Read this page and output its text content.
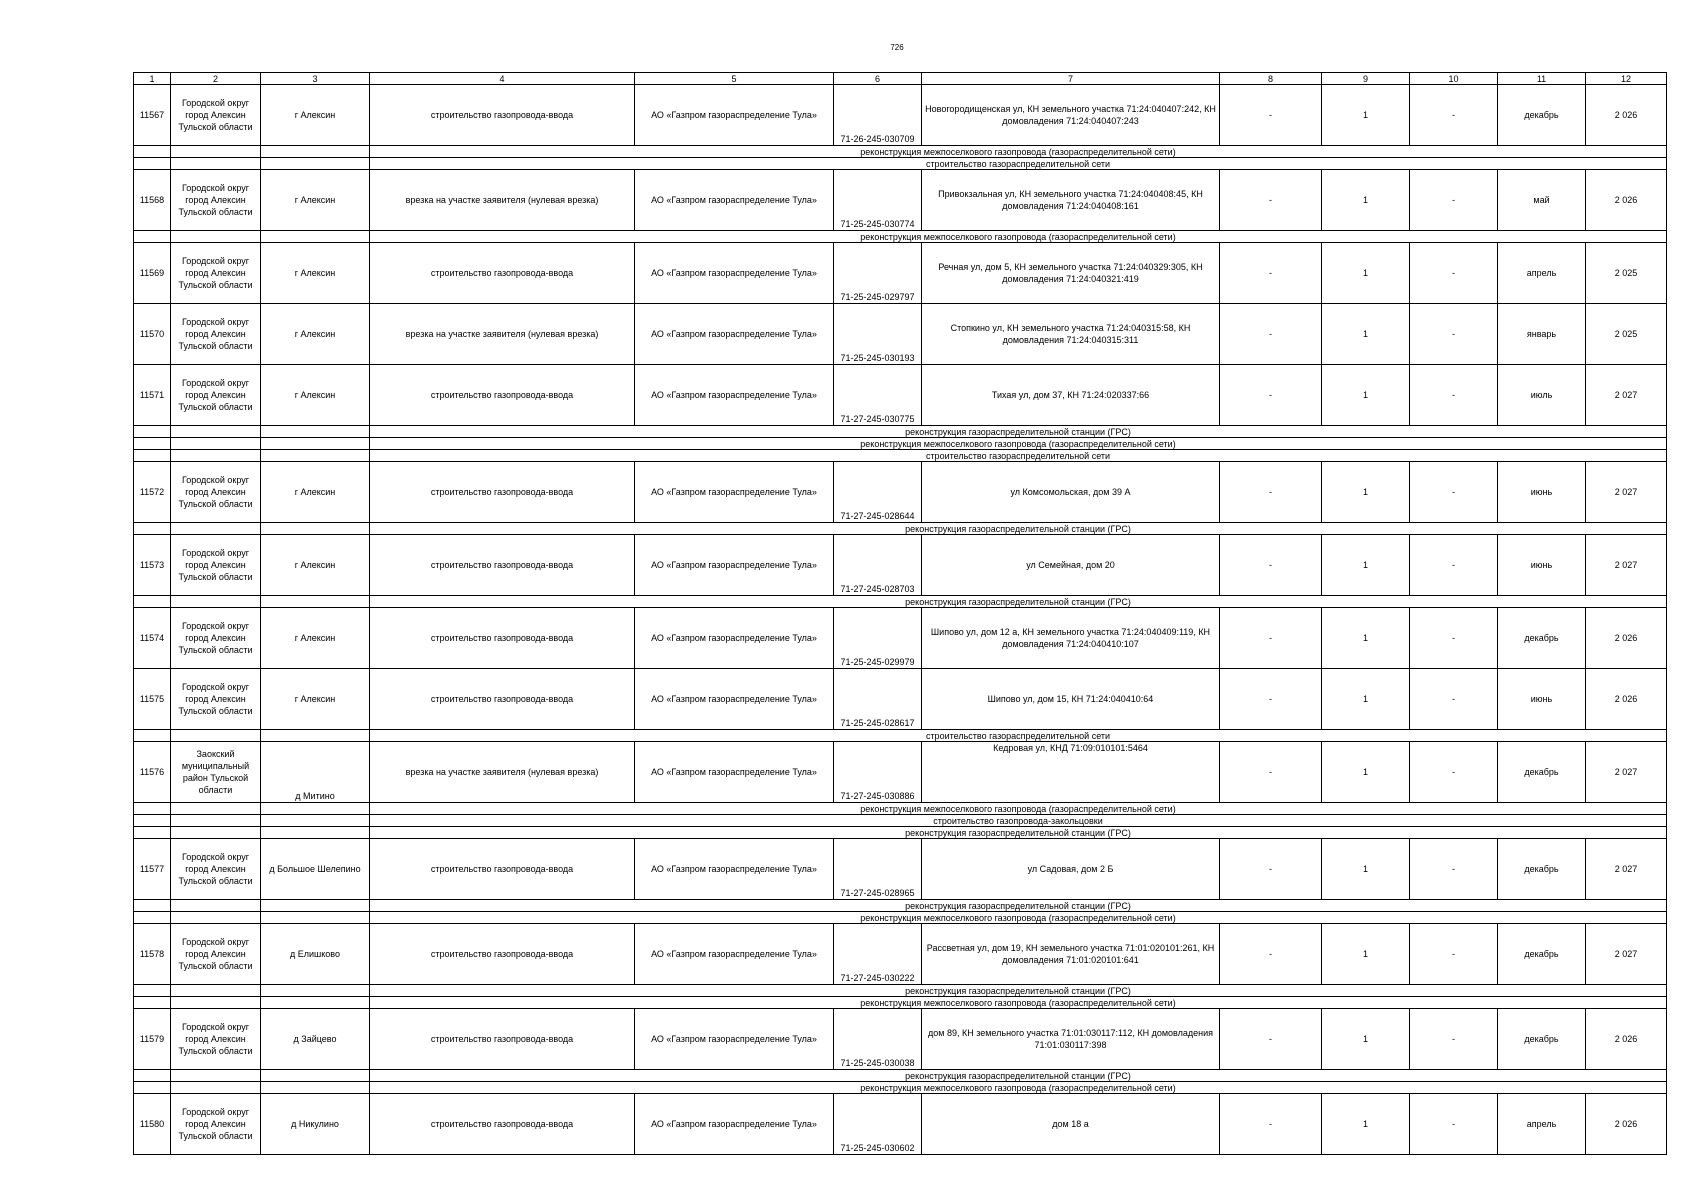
726
1	2	3	4	5	6	7	8	9	10	11	12
11567	Городской округ город Алексин Тульской области	г Алексин	строительство газопровода-ввода	АО «Газпром газораспределение Тула»	71-26-245-030709	Новогородищенская ул, КН земельного участка 71:24:040407:242, КН домовладения 71:24:040407:243	-	1	-	декабрь	2 026
			реконструкция межпоселкового газопровода (газораспределительной сети)								
			строительство газораспределительной сети								
11568	Городской округ город Алексин Тульской области	г Алексин	врезка на участке заявителя (нулевая врезка)	АО «Газпром газораспределение Тула»	71-25-245-030774	Привокзальная ул, КН земельного участка 71:24:040408:45, КН домовладения 71:24:040408:161	-	1	-	май	2 026
			реконструкция межпоселкового газопровода (газораспределительной сети)								
11569	Городской округ город Алексин Тульской области	г Алексин	строительство газопровода-ввода	АО «Газпром газораспределение Тула»	71-25-245-029797	Речная ул, дом 5, КН земельного участка 71:24:040329:305, КН домовладения 71:24:040321:419	-	1	-	апрель	2 025
11570	Городской округ город Алексин Тульской области	г Алексин	врезка на участке заявителя (нулевая врезка)	АО «Газпром газораспределение Тула»	71-25-245-030193	Стопкино ул, КН земельного участка 71:24:040315:58, КН домовладения 71:24:040315:311	-	1	-	январь	2 025
11571	Городской округ город Алексин Тульской области	г Алексин	строительство газопровода-ввода	АО «Газпром газораспределение Тула»	71-27-245-030775	Тихая ул, дом 37, КН 71:24:020337:66	-	1	-	июль	2 027
			реконструкция газораспределительной станции (ГРС)								
			реконструкция межпоселкового газопровода (газораспределительной сети)								
			строительство газораспределительной сети								
11572	Городской округ город Алексин Тульской области	г Алексин	строительство газопровода-ввода	АО «Газпром газораспределение Тула»	71-27-245-028644	ул Комсомольская, дом 39 А	-	1	-	июнь	2 027
			реконструкция газораспределительной станции (ГРС)								
11573	Городской округ город Алексин Тульской области	г Алексин	строительство газопровода-ввода	АО «Газпром газораспределение Тула»	71-27-245-028703	ул Семейная, дом 20	-	1	-	июнь	2 027
			реконструкция газораспределительной станции (ГРС)								
11574	Городской округ город Алексин Тульской области	г Алексин	строительство газопровода-ввода	АО «Газпром газораспределение Тула»	71-25-245-029979	Шипово ул, дом 12 а, КН земельного участка 71:24:040409:119, КН домовладения 71:24:040410:107	-	1	-	декабрь	2 026
11575	Городской округ город Алексин Тульской области	г Алексин	строительство газопровода-ввода	АО «Газпром газораспределение Тула»	71-25-245-028617	Шипово ул, дом 15, КН 71:24:040410:64	-	1	-	июнь	2 026
			строительство газораспределительной сети								
11576	Заокский муниципальный район Тульской области	д Митино	врезка на участке заявителя (нулевая врезка)	АО «Газпром газораспределение Тула»	71-27-245-030886	Кедровая ул, КНД 71:09:010101:5464	-	1	-	декабрь	2 027
			реконструкция межпоселкового газопровода (газораспределительной сети)								
			строительство газопровода-закольцовки								
			реконструкция газораспределительной станции (ГРС)								
11577	Городской округ город Алексин Тульской области	д Большое Шелепино	строительство газопровода-ввода	АО «Газпром газораспределение Тула»	71-27-245-028965	ул Садовая, дом 2 Б	-	1	-	декабрь	2 027
			реконструкция газораспределительной станции (ГРС)								
			реконструкция межпоселкового газопровода (газораспределительной сети)								
11578	Городской округ город Алексин Тульской области	д Елишково	строительство газопровода-ввода	АО «Газпром газораспределение Тула»	71-27-245-030222	Рассветная ул, дом 19, КН земельного участка 71:01:020101:261, КН домовладения 71:01:020101:641	-	1	-	декабрь	2 027
			реконструкция газораспределительной станции (ГРС)								
			реконструкция межпоселкового газопровода (газораспределительной сети)								
11579	Городской округ город Алексин Тульской области	д Зайцево	строительство газопровода-ввода	АО «Газпром газораспределение Тула»	71-25-245-030038	дом 89, КН земельного участка 71:01:030117:112, КН домовладения 71:01:030117:398	-	1	-	декабрь	2 026
			реконструкция газораспределительной станции (ГРС)								
			реконструкция межпоселкового газопровода (газораспределительной сети)								
11580	Городской округ город Алексин Тульской области	д Никулино	строительство газопровода-ввода	АО «Газпром газораспределение Тула»	71-25-245-030602	дом 18 а	-	1	-	апрель	2 026
